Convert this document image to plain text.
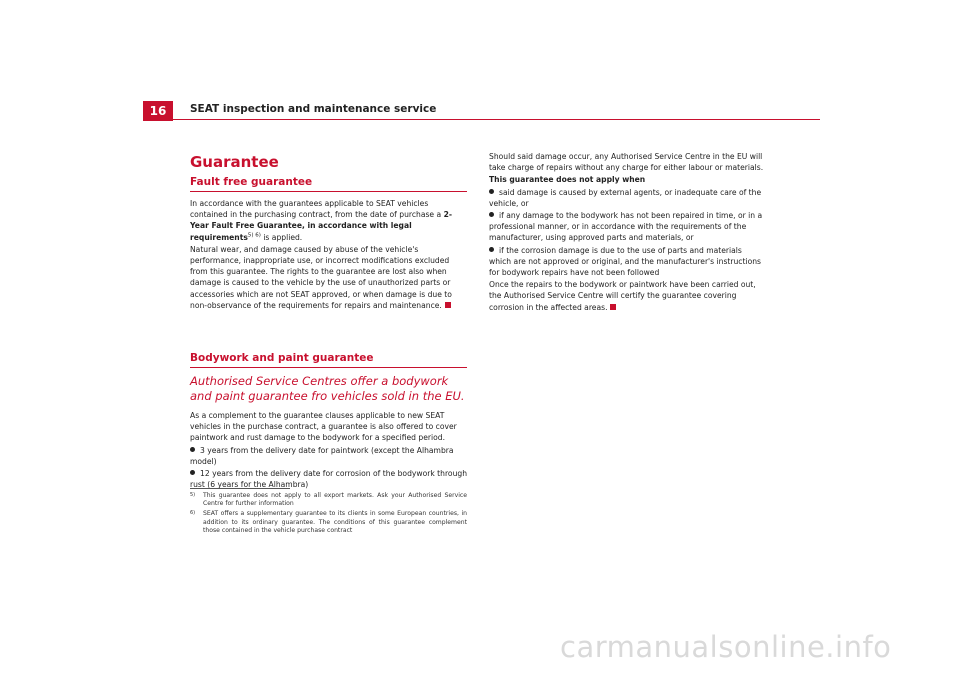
16	SEAT inspection and maintenance service
Guarantee
Fault free guarantee

In accordance with the guarantees applicable to SEAT vehicles contained in the purchasing contract, from the date of purchase a 2-Year Fault Free Guarantee, in accordance with legal requirements$^{5) 6)}$ is applied.

Natural wear, and damage caused by abuse of the vehicle's performance, inappropriate use, or incorrect modifications excluded from this guarantee. The rights to the guarantee are lost also when damage is caused to the vehicle by the use of unauthorized parts or accessories which are not SEAT approved, or when damage is due to non-observance of the requirements for repairs and maintenance.

Bodywork and paint guarantee
Authorised Service Centres offer a bodywork and paint guarantee fro vehicles sold in the EU.

As a complement to the guarantee clauses applicable to new SEAT vehicles in the purchase contract, a guarantee is also offered to cover paintwork and rust damage to the bodywork for a specified period.

3 years from the delivery date for paintwork (except the Alhambra model)

12 years from the delivery date for corrosion of the bodywork through rust (6 years for the Alhambra)

5)	This guarantee does not apply to all export markets. Ask your Authorised Service Centre for further information
6)	SEAT offers a supplementary guarantee to its clients in some European countries, in addition to its ordinary guarantee. The conditions of this guarantee complement those contained in the vehicle purchase contract

Should said damage occur, any Authorised Service Centre in the EU will take charge of repairs without any charge for either labour or materials.

This guarantee does not apply when

said damage is caused by external agents, or inadequate care of the vehicle, or

if any damage to the bodywork has not been repaired in time, or in a professional manner, or in accordance with the requirements of the manufacturer, using approved parts and materials, or

if the corrosion damage is due to the use of parts and materials which are not approved or original, and the manufacturer's instructions for bodywork repairs have not been followed

Once the repairs to the bodywork or paintwork have been carried out, the Authorised Service Centre will certify the guarantee covering corrosion in the affected areas.

carmanualsonline.info
